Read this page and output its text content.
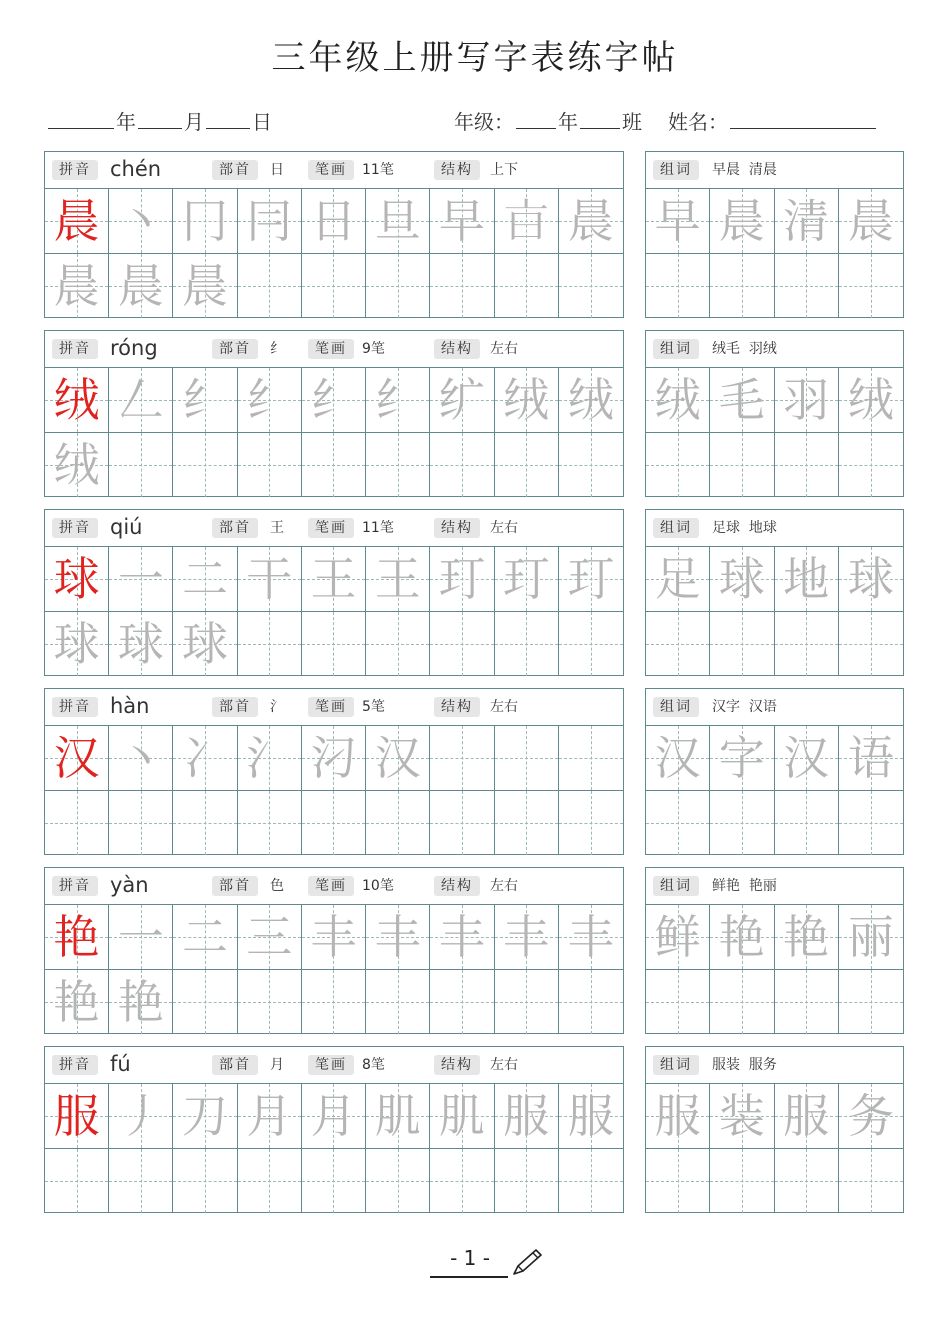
三年级上册写字表练字帖
年 月 日	年级： 年 班 姓名：
拼音 chén	部首	日	笔画	11笔	结构	上下
晨 丶 冂 冃 日 旦 早 𣅀 晨
晨 晨 晨
组词	早晨  清晨
早 晨 清 晨
拼音 róng	部首	纟	笔画	9笔	结构	左右
绒 𠃋 纟 纟 纟 纟 纩 绒 绒
绒
组词	绒毛  羽绒
绒 毛 羽 绒
拼音 qiú	部首	王	笔画	11笔	结构	左右
球 一 二 干 王 王 玎 玎 玎
球 球 球
组词	足球  地球
足 球 地 球
拼音 hàn	部首	氵	笔画	5笔	结构	左右
汉 丶 冫 氵 汈 汉
组词	汉字  汉语
汉 字 汉 语
拼音 yàn	部首	色	笔画	10笔	结构	左右
艳 一 二 三 丰 丰 丰 丰 丰
艳 艳
组词	鲜艳  艳丽
鲜 艳 艳 丽
拼音 fú	部首	月	笔画	8笔	结构	左右
服 丿 刀 月 月 肌 肌 服 服
组词	服装  服务
服 装 服 务
- 1 -
